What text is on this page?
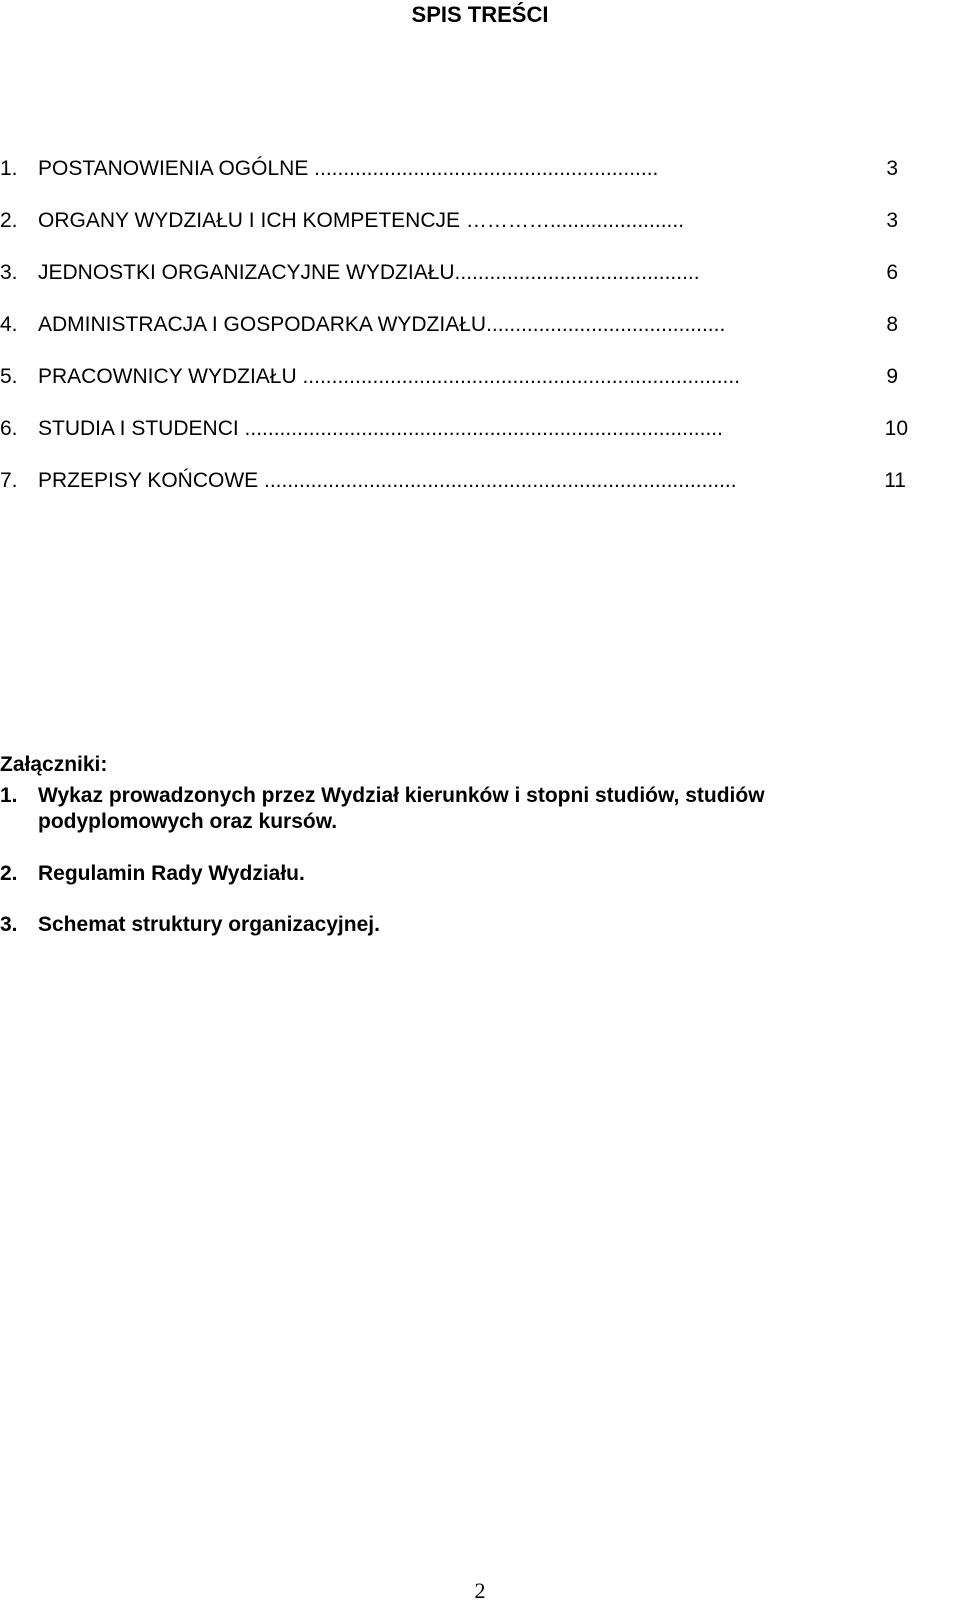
SPIS TREŚCI
1. POSTANOWIENIA OGÓLNE ...........................................................	3
2. ORGANY WYDZIAŁU I ICH KOMPETENCJE ………….......................	3
3. JEDNOSTKI ORGANIZACYJNE WYDZIAŁU..........................................	6
4. ADMINISTRACJA I GOSPODARKA WYDZIAŁU.........................................	8
5. PRACOWNICY WYDZIAŁU ...........................................................................	9
6. STUDIA I STUDENCI ..................................................................................	10
7. PRZEPISY KOŃCOWE .................................................................................	11
Załączniki:
1. Wykaz prowadzonych przez Wydział kierunków i stopni studiów, studiów
podyplomowych oraz kursów.
2. Regulamin Rady Wydziału.
3. Schemat struktury organizacyjnej.
2
